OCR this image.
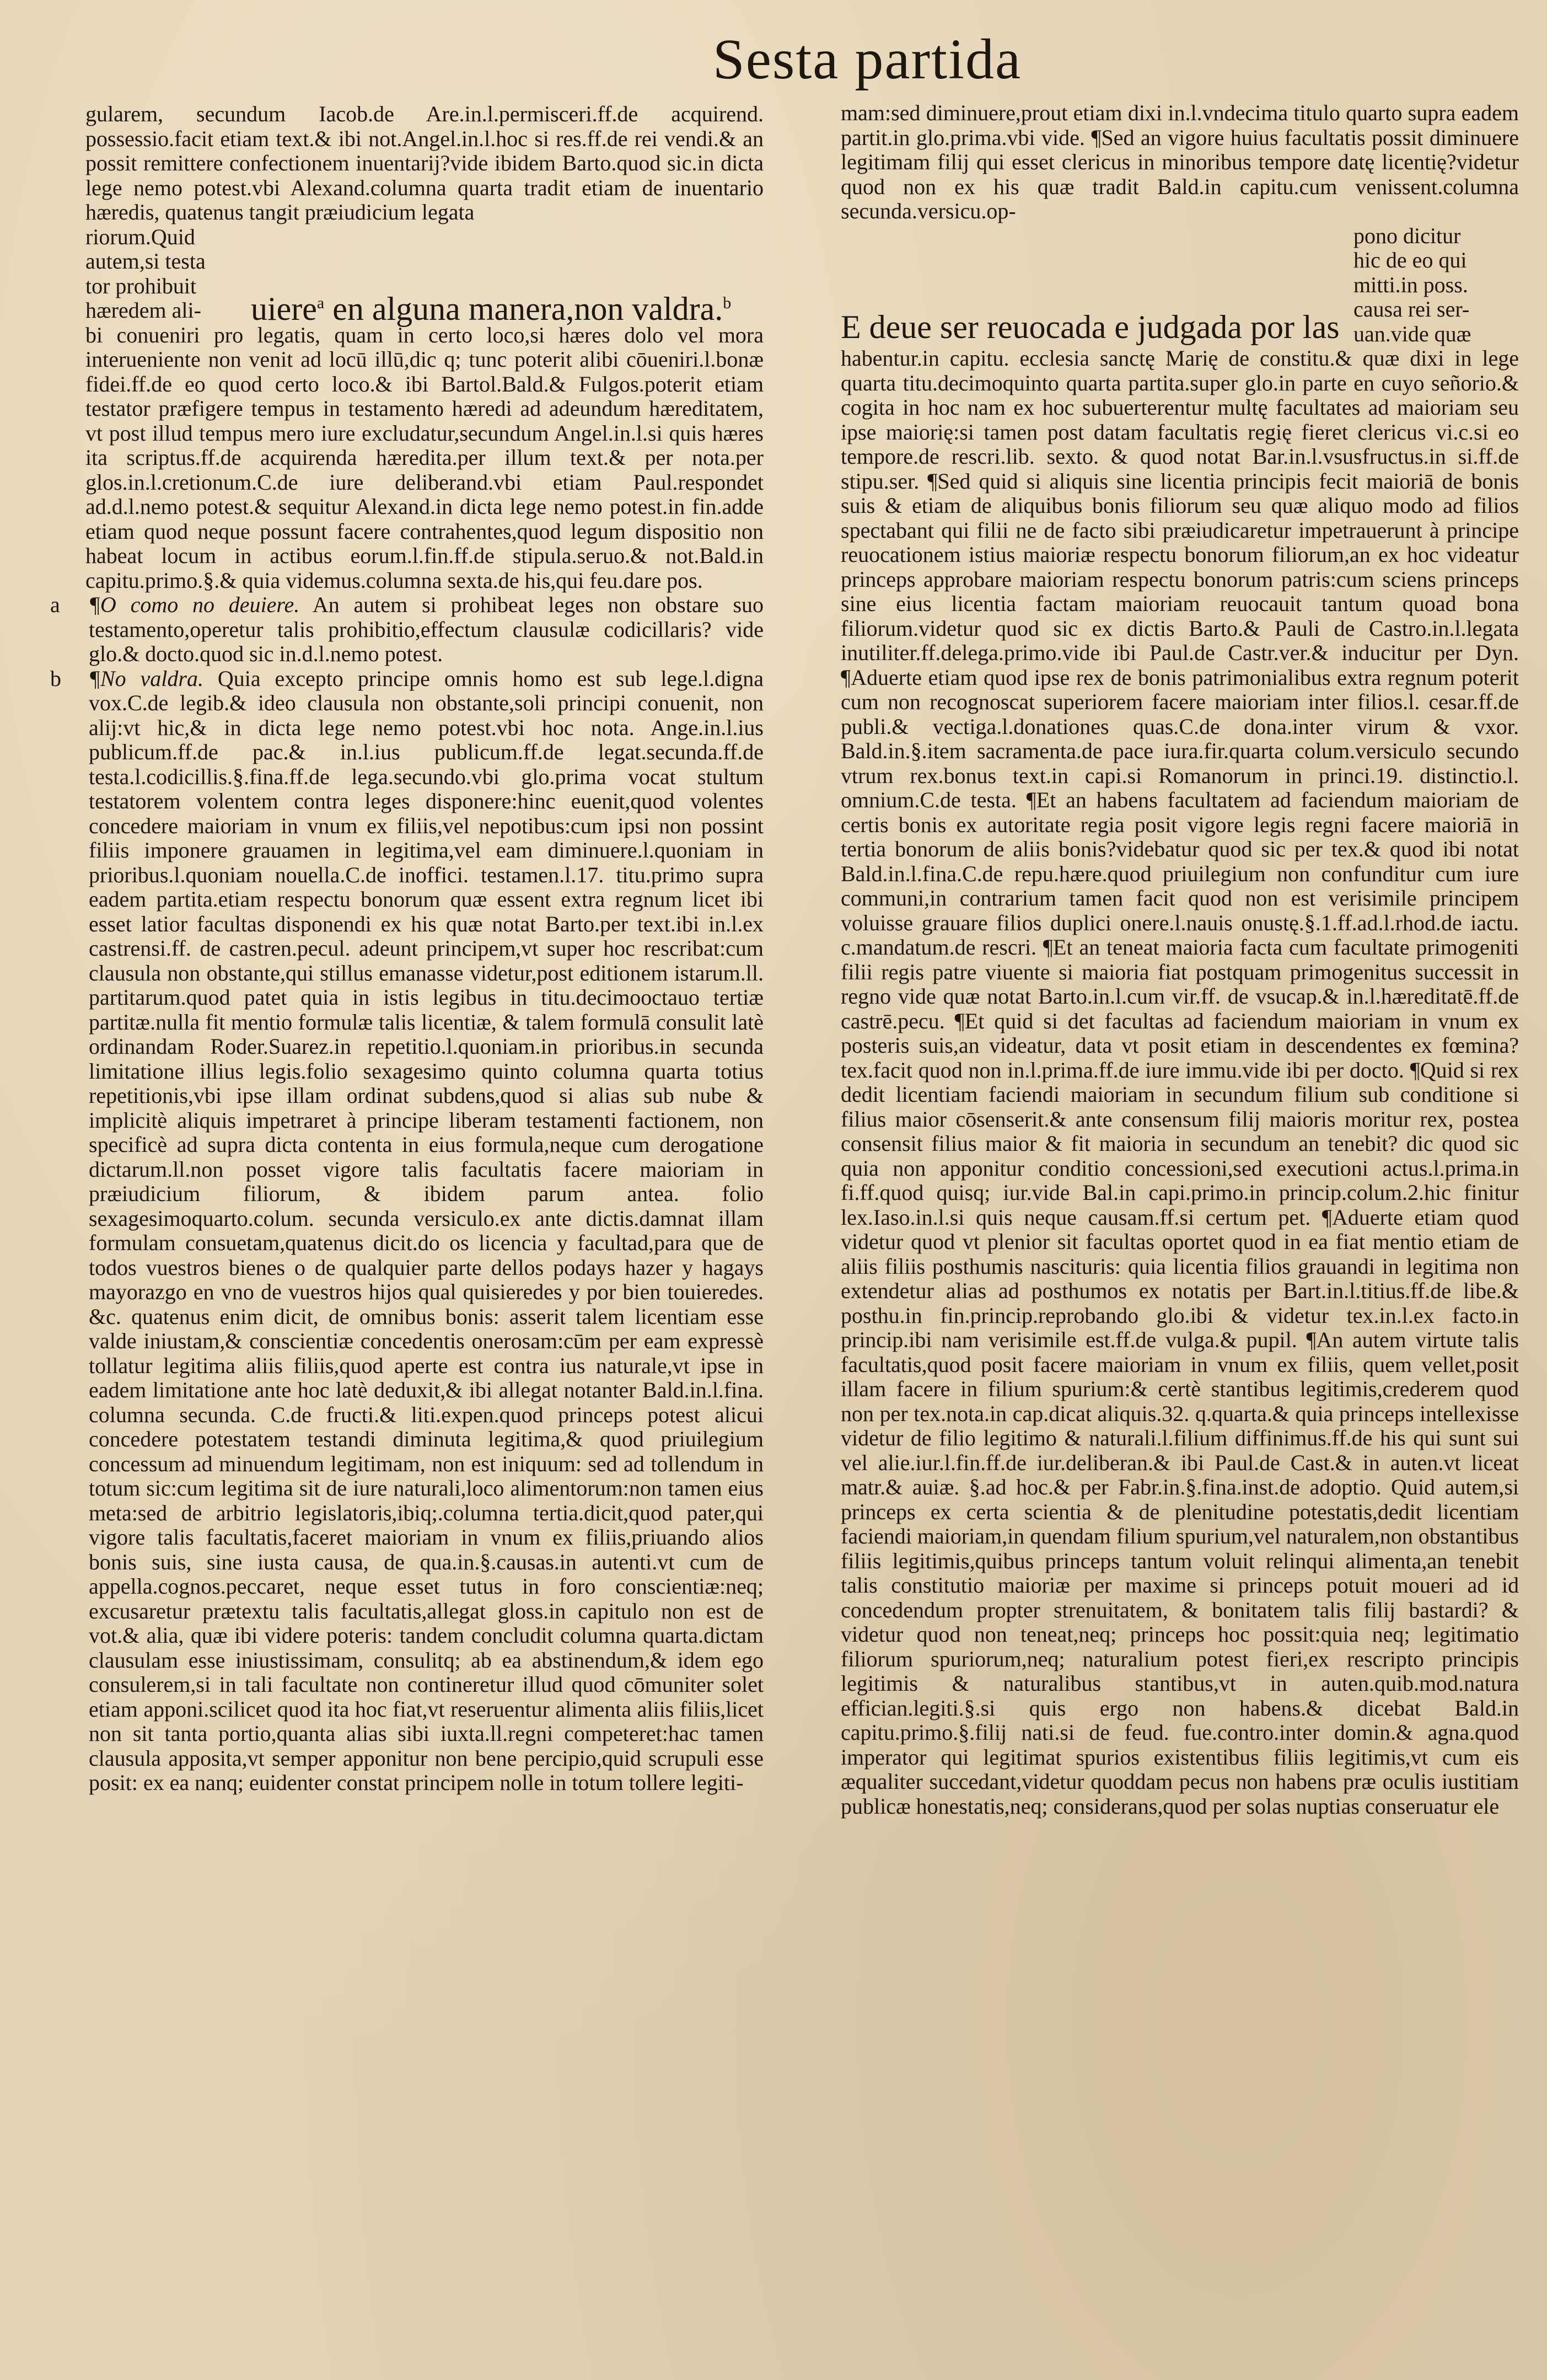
Sesta partida

gularem, secundum Iacob.de Are.in.l.permisceri.ff.de acquirend. possessio.facit etiam text.& ibi not.Angel.in.l.hoc si res.ff.de rei vendi.& an possit remittere confectionem inuentarij?vide ibidem Barto.quod sic.in dicta lege nemo potest.vbi Alexand.columna quarta tradit etiam de inuentario hæredis, quatenus tangit præiudicium legata

riorum.Quid
autem,si testa
tor prohibuit
hæredem ali-	uiere$^a$ en alguna manera,non valdra.$^b$

bi conueniri pro legatis, quam in certo loco,si hæres dolo vel mora interueniente non venit ad locū illū,dic q; tunc poterit alibi cōueniri.l.bonæ fidei.ff.de eo quod certo loco.& ibi Bartol.Bald.& Fulgos.poterit etiam testator præfigere tempus in testamento hæredi ad adeundum hæreditatem, vt post illud tempus mero iure excludatur,secundum Angel.in.l.si quis hæres ita scriptus.ff.de acquirenda hæredita.per illum text.& per nota.per glos.in.l.cretionum.C.de iure deliberand.vbi etiam Paul.respondet ad.d.l.nemo potest.& sequitur Alexand.in dicta lege nemo potest.in fin.adde etiam quod neque possunt facere contrahentes,quod legum dispositio non habeat locum in actibus eorum.l.fin.ff.de stipula.seruo.& not.Bald.in capitu.primo.§.& quia videmus.columna sexta.de his,qui feu.dare pos.

a	¶O como no deuiere. An autem si prohibeat leges non obstare suo testamento,operetur talis prohibitio,effectum clausulæ codicillaris? vide glo.& docto.quod sic in.d.l.nemo potest.

b	¶No valdra. Quia excepto principe omnis homo est sub lege.l.digna vox.C.de legib.& ideo clausula non obstante,soli principi conuenit, non alij:vt hic,& in dicta lege nemo potest.vbi hoc nota. Ange.in.l.ius publicum.ff.de pac.& in.l.ius publicum.ff.de legat.secunda.ff.de testa.l.codicillis.§.fina.ff.de lega.secundo.vbi glo.prima vocat stultum testatorem volentem contra leges disponere:hinc euenit,quod volentes concedere maioriam in vnum ex filiis,vel nepotibus:cum ipsi non possint filiis imponere grauamen in legitima,vel eam diminuere.l.quoniam in prioribus.l.quoniam nouella.C.de inoffici. testamen.l.17. titu.primo supra eadem partita.etiam respectu bonorum quæ essent extra regnum licet ibi esset latior facultas disponendi ex his quæ notat Barto.per text.ibi in.l.ex castrensi.ff. de castren.pecul. adeunt principem,vt super hoc rescribat:cum clausula non obstante,qui stillus emanasse videtur,post editionem istarum.ll. partitarum.quod patet quia in istis legibus in titu.decimooctauo tertiæ partitæ.nulla fit mentio formulæ talis licentiæ, & talem formulā consulit latè ordinandam Roder.Suarez.in repetitio.l.quoniam.in prioribus.in secunda limitatione illius legis.folio sexagesimo quinto columna quarta totius repetitionis,vbi ipse illam ordinat subdens,quod si alias sub nube & implicitè aliquis impetraret à principe liberam testamenti factionem, non specificè ad supra dicta contenta in eius formula,neque cum derogatione dictarum.ll.non posset vigore talis facultatis facere maioriam in præiudicium filiorum, & ibidem parum antea. folio sexagesimoquarto.colum. secunda versiculo.ex ante dictis.damnat illam formulam consuetam,quatenus dicit.do os licencia y facultad,para que de todos vuestros bienes o de qualquier parte dellos podays hazer y hagays mayorazgo en vno de vuestros hijos qual quisieredes y por bien touieredes. &c. quatenus enim dicit, de omnibus bonis: asserit talem licentiam esse valde iniustam,& conscientiæ concedentis onerosam:cūm per eam expressè tollatur legitima aliis filiis,quod aperte est contra ius naturale,vt ipse in eadem limitatione ante hoc latè deduxit,& ibi allegat notanter Bald.in.l.fina. columna secunda. C.de fructi.& liti.expen.quod princeps potest alicui concedere potestatem testandi diminuta legitima,& quod priuilegium concessum ad minuendum legitimam, non est iniquum: sed ad tollendum in totum sic:cum legitima sit de iure naturali,loco alimentorum:non tamen eius meta:sed de arbitrio legislatoris,ibiq;.columna tertia.dicit,quod pater,qui vigore talis facultatis,faceret maioriam in vnum ex filiis,priuando alios bonis suis, sine iusta causa, de qua.in.§.causas.in autenti.vt cum de appella.cognos.peccaret, neque esset tutus in foro conscientiæ:neq; excusaretur prætextu talis facultatis,allegat gloss.in capitulo non est de vot.& alia, quæ ibi videre poteris: tandem concludit columna quarta.dictam clausulam esse iniustissimam, consulitq; ab ea abstinendum,& idem ego consulerem,si in tali facultate non contineretur illud quod cōmuniter solet etiam apponi.scilicet quod ita hoc fiat,vt reseruentur alimenta aliis filiis,licet non sit tanta portio,quanta alias sibi iuxta.ll.regni competeret:hac tamen clausula apposita,vt semper apponitur non bene percipio,quid scrupuli esse posit: ex ea nanq; euidenter constat principem nolle in totum tollere legiti-

mam:sed diminuere,prout etiam dixi in.l.vndecima titulo quarto supra eadem partit.in glo.prima.vbi vide. ¶Sed an vigore huius facultatis possit diminuere legitimam filij qui esset clericus in minoribus tempore datę licentię?videtur quod non ex his quæ tradit Bald.in capitu.cum venissent.columna secunda.versicu.op-

E deue ser reuocada e judgada por las
pono dicitur
hic de eo qui
mitti.in poss.
causa rei ser-
uan.vide quæ

habentur.in capitu. ecclesia sanctę Marię de constitu.& quæ dixi in lege quarta titu.decimoquinto quarta partita.super glo.in parte en cuyo señorio.& cogita in hoc nam ex hoc subuerterentur multę facultates ad maioriam seu ipse maiorię:si tamen post datam facultatis regię fieret clericus vi.c.si eo tempore.de rescri.lib. sexto. & quod notat Bar.in.l.vsusfructus.in si.ff.de stipu.ser. ¶Sed quid si aliquis sine licentia principis fecit maioriā de bonis suis & etiam de aliquibus bonis filiorum seu quæ aliquo modo ad filios spectabant qui filii ne de facto sibi præiudicaretur impetrauerunt à principe reuocationem istius maioriæ respectu bonorum filiorum,an ex hoc videatur princeps approbare maioriam respectu bonorum patris:cum sciens princeps sine eius licentia factam maioriam reuocauit tantum quoad bona filiorum.videtur quod sic ex dictis Barto.& Pauli de Castro.in.l.legata inutiliter.ff.delega.primo.vide ibi Paul.de Castr.ver.& inducitur per Dyn. ¶Aduerte etiam quod ipse rex de bonis patrimonialibus extra regnum poterit cum non recognoscat superiorem facere maioriam inter filios.l. cesar.ff.de publi.& vectiga.l.donationes quas.C.de dona.inter virum & vxor. Bald.in.§.item sacramenta.de pace iura.fir.quarta colum.versiculo secundo vtrum rex.bonus text.in capi.si Romanorum in princi.19. distinctio.l. omnium.C.de testa. ¶Et an habens facultatem ad faciendum maioriam de certis bonis ex autoritate regia posit vigore legis regni facere maioriā in tertia bonorum de aliis bonis?videbatur quod sic per tex.& quod ibi notat Bald.in.l.fina.C.de repu.hære.quod priuilegium non confunditur cum iure communi,in contrarium tamen facit quod non est verisimile principem voluisse grauare filios duplici onere.l.nauis onustę.§.1.ff.ad.l.rhod.de iactu. c.mandatum.de rescri. ¶Et an teneat maioria facta cum facultate primogeniti filii regis patre viuente si maioria fiat postquam primogenitus successit in regno vide quæ notat Barto.in.l.cum vir.ff. de vsucap.& in.l.hæreditatē.ff.de castrē.pecu. ¶Et quid si det facultas ad faciendum maioriam in vnum ex posteris suis,an videatur, data vt posit etiam in descendentes ex fœmina?tex.facit quod non in.l.prima.ff.de iure immu.vide ibi per docto. ¶Quid si rex dedit licentiam faciendi maioriam in secundum filium sub conditione si filius maior cōsenserit.& ante consensum filij maioris moritur rex, postea consensit filius maior & fit maioria in secundum an tenebit? dic quod sic quia non apponitur conditio concessioni,sed executioni actus.l.prima.in fi.ff.quod quisq; iur.vide Bal.in capi.primo.in princip.colum.2.hic finitur lex.Iaso.in.l.si quis neque causam.ff.si certum pet. ¶Aduerte etiam quod videtur quod vt plenior sit facultas oportet quod in ea fiat mentio etiam de aliis filiis posthumis nascituris: quia licentia filios grauandi in legitima non extendetur alias ad posthumos ex notatis per Bart.in.l.titius.ff.de libe.& posthu.in fin.princip.reprobando glo.ibi & videtur tex.in.l.ex facto.in princip.ibi nam verisimile est.ff.de vulga.& pupil. ¶An autem virtute talis facultatis,quod posit facere maioriam in vnum ex filiis, quem vellet,posit illam facere in filium spurium:& certè stantibus legitimis,crederem quod non per tex.nota.in cap.dicat aliquis.32. q.quarta.& quia princeps intellexisse videtur de filio legitimo & naturali.l.filium diffinimus.ff.de his qui sunt sui vel alie.iur.l.fin.ff.de iur.deliberan.& ibi Paul.de Cast.& in auten.vt liceat matr.& auiæ. §.ad hoc.& per Fabr.in.§.fina.inst.de adoptio. Quid autem,si princeps ex certa scientia & de plenitudine potestatis,dedit licentiam faciendi maioriam,in quendam filium spurium,vel naturalem,non obstantibus filiis legitimis,quibus princeps tantum voluit relinqui alimenta,an tenebit talis constitutio maioriæ per maxime si princeps potuit moueri ad id concedendum propter strenuitatem, & bonitatem talis filij bastardi? & videtur quod non teneat,neq; princeps hoc possit:quia neq; legitimatio filiorum spuriorum,neq; naturalium potest fieri,ex rescripto principis legitimis & naturalibus stantibus,vt in auten.quib.mod.natura effician.legiti.§.si quis ergo non habens.& dicebat Bald.in capitu.primo.§.filij nati.si de feud. fue.contro.inter domin.& agna.quod imperator qui legitimat spurios existentibus filiis legitimis,vt cum eis æqualiter succedant,videtur quoddam pecus non habens præ oculis iustitiam publicæ honestatis,neq; considerans,quod per solas nuptias conseruatur ele
